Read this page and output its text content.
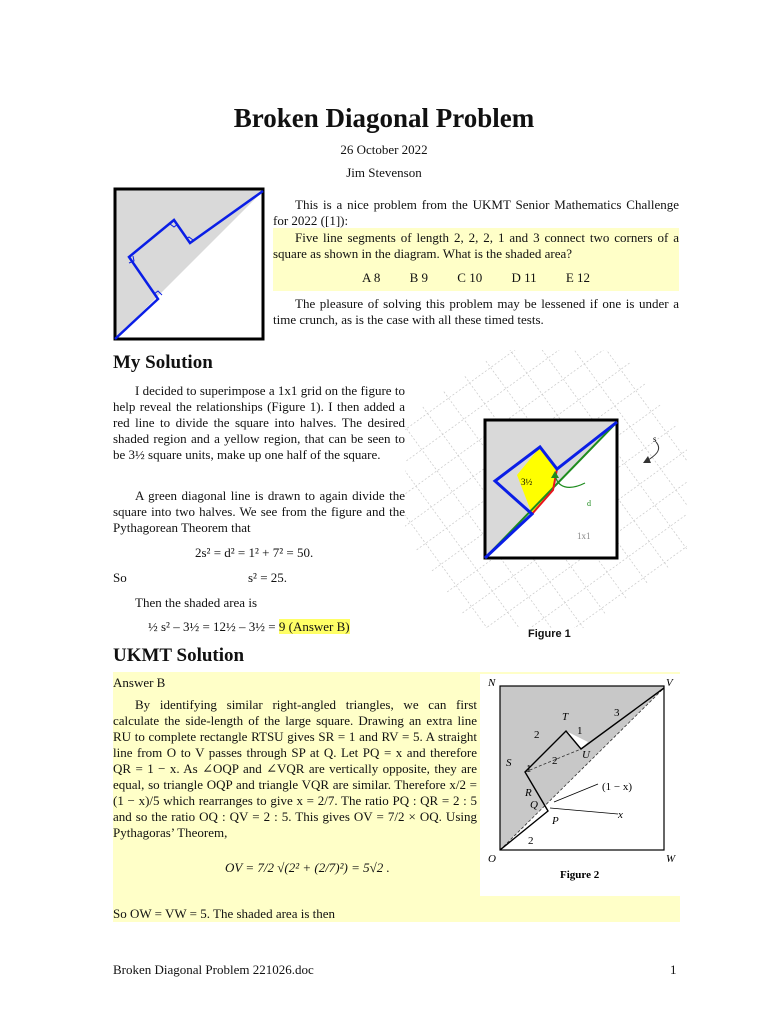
Broken Diagonal Problem
26 October 2022
Jim Stevenson

This is a nice problem from the UKMT Senior Mathematics Challenge for 2022 ([1]):

Five line segments of length 2, 2, 2, 1 and 3 connect two corners of a square as shown in the diagram. What is the shaded area?

A 8 B 9 C 10 D 11 E 12

The pleasure of solving this problem may be lessened if one is under a time crunch, as is the case with all these timed tests.

My Solution

I decided to superimpose a 1x1 grid on the figure to help reveal the relationships (Figure 1). I then added a red line to divide the square into halves. The desired shaded region and a yellow region, that can be seen to be 3½ square units, make up one half of the square.

A green diagonal line is drawn to again divide the square into two halves. We see from the figure and the Pythagorean Theorem that

2s² = d² = 1² + 7² = 50.
So	s² = 25.
Then the shaded area is
½ s² – 3½ = 12½ – 3½ = 9 (Answer B)
3½
d
s
1x1
Figure 1
UKMT Solution
Answer B

By identifying similar right-angled triangles, we can first calculate the side-length of the large square. Drawing an extra line RU to complete rectangle RTSU gives SR = 1 and RV = 5. A straight line from O to V passes through SP at Q. Let PQ = x and therefore QR = 1 − x. As ∠OQP and ∠VQR are vertically opposite, they are equal, so triangle OQP and triangle VQR are similar. Therefore x/2 = (1 − x)/5 which rearranges to give x = 2/7. The ratio PQ : QR = 2 : 5 and so the ratio OQ : QV = 2 : 5. This gives OV = 7/2 × OQ. Using Pythagoras’ Theorem,

OV = 7/2 √(2² + (2/7)²) = 5√2 .

So OW = VW = 5. The shaded area is then

N	V
O	W
T
S
U
R
Q
P
(1 − x)
x
2
2
2
1
1
3
Figure 2
Broken Diagonal Problem 221026.doc	1
